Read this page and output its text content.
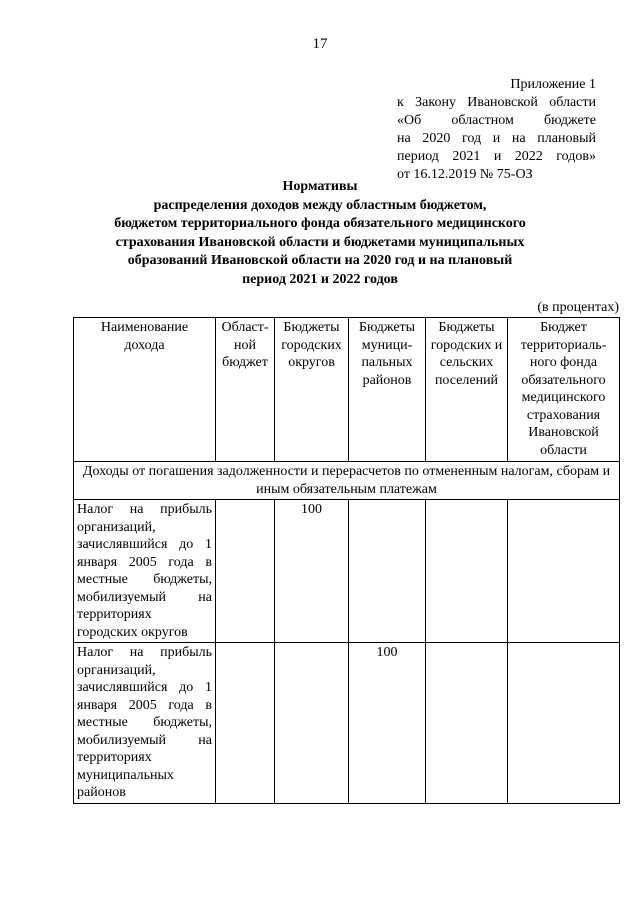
17
Приложение 1
к Закону Ивановской области
«Об областном бюджете
на 2020 год и на плановый
период 2021 и 2022 годов»
от 16.12.2019 № 75-ОЗ
Нормативы
распределения доходов между областным бюджетом,
бюджетом территориального фонда обязательного медицинского
страхования Ивановской области и бюджетами муниципальных
образований Ивановской области на 2020 год и на плановый
период 2021 и 2022 годов
(в процентах)
Наименование дохода	Област-ной бюджет	Бюджеты городских округов	Бюджеты муници-пальных районов	Бюджеты городских и сельских поселений	Бюджет территориаль-ного фонда обязательного медицинского страхования Ивановской области
Доходы от погашения задолженности и перерасчетов по отмененным налогам, сборам и иным обязательным платежам					
Налог на прибыль организаций, зачислявшийся до 1 января 2005 года в местные бюджеты, мобилизуемый на территориях городских округов		100			
Налог на прибыль организаций, зачислявшийся до 1 января 2005 года в местные бюджеты, мобилизуемый на территориях муниципальных районов			100		
